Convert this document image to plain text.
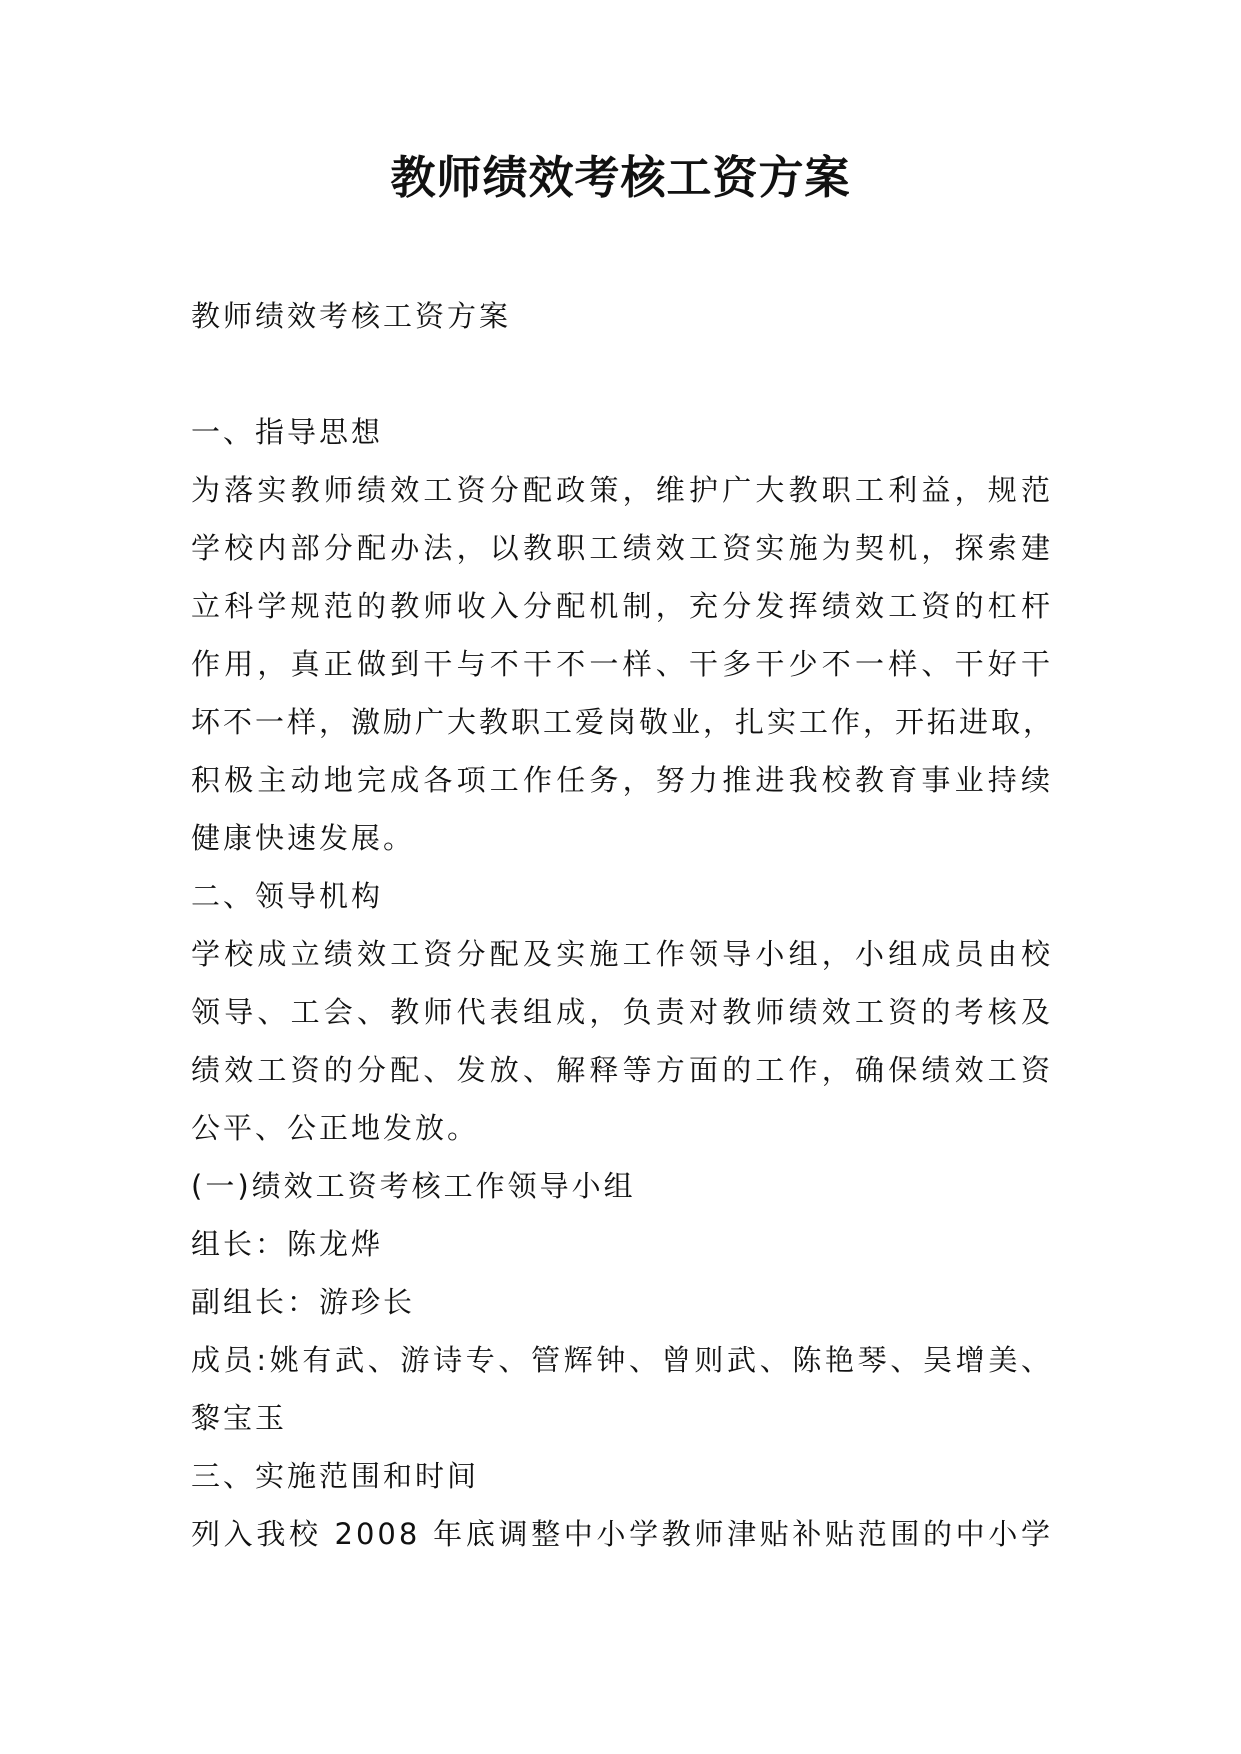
教师绩效考核工资方案
教师绩效考核工资方案
一、指导思想
为落实教师绩效工资分配政策，维护广大教职工利益，规范
学校内部分配办法，以教职工绩效工资实施为契机，探索建
立科学规范的教师收入分配机制，充分发挥绩效工资的杠杆
作用，真正做到干与不干不一样、干多干少不一样、干好干
坏不一样，激励广大教职工爱岗敬业，扎实工作，开拓进取，
积极主动地完成各项工作任务，努力推进我校教育事业持续
健康快速发展。
二、领导机构
学校成立绩效工资分配及实施工作领导小组，小组成员由校
领导、工会、教师代表组成，负责对教师绩效工资的考核及
绩效工资的分配、发放、解释等方面的工作，确保绩效工资
公平、公正地发放。
(一)绩效工资考核工作领导小组
组长：陈龙烨
副组长：游珍长
成员:姚有武、游诗专、管辉钟、曾则武、陈艳琴、吴增美、
黎宝玉
三、实施范围和时间
列入我校 2008 年底调整中小学教师津贴补贴范围的中小学
